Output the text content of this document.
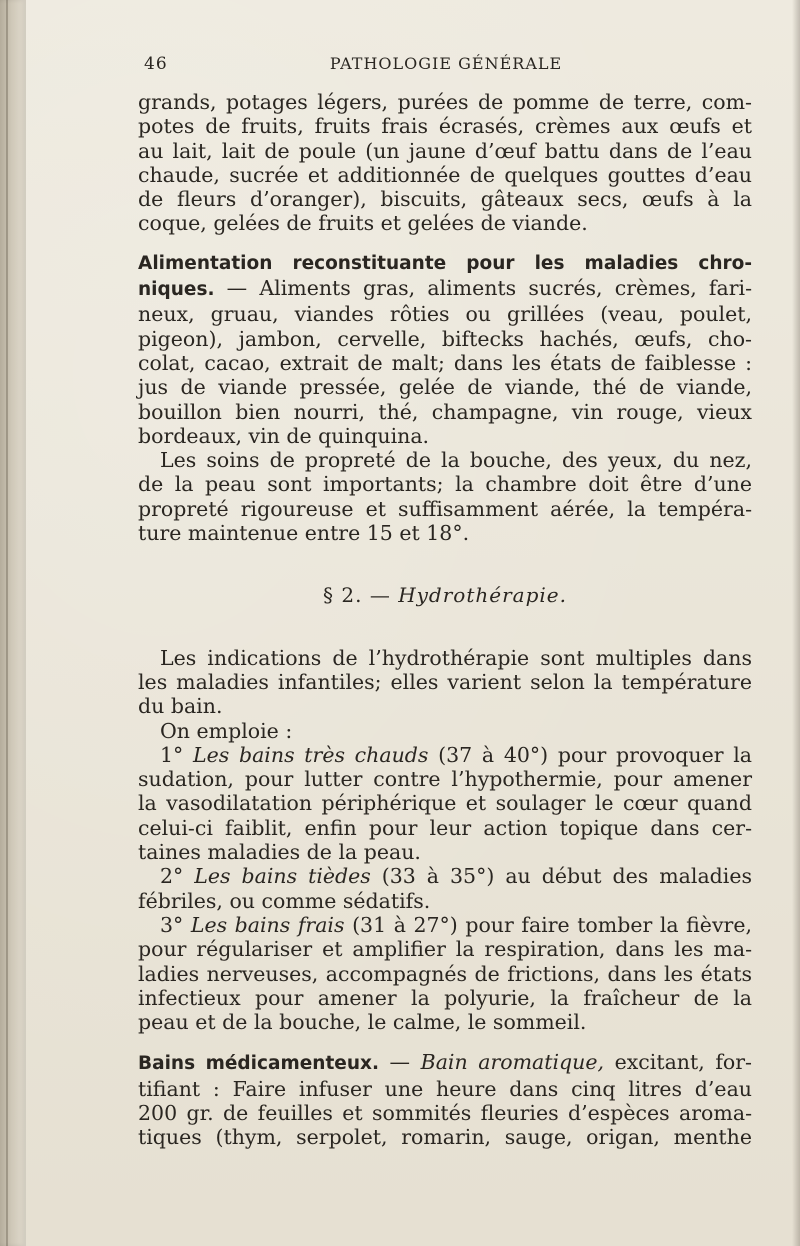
46	PATHOLOGIE GÉNÉRALE
grands, potages légers, purées de pomme de terre, com-
potes de fruits, fruits frais écrasés, crèmes aux œufs et
au lait, lait de poule (un jaune d’œuf battu dans de l’eau
chaude, sucrée et additionnée de quelques gouttes d’eau
de fleurs d’oranger), biscuits, gâteaux secs, œufs à la
coque, gelées de fruits et gelées de viande.
Alimentation reconstituante pour les maladies chro-
niques. — Aliments gras, aliments sucrés, crèmes, fari-
neux, gruau, viandes rôties ou grillées (veau, poulet,
pigeon), jambon, cervelle, biftecks hachés, œufs, cho-
colat, cacao, extrait de malt; dans les états de faiblesse :
jus de viande pressée, gelée de viande, thé de viande,
bouillon bien nourri, thé, champagne, vin rouge, vieux
bordeaux, vin de quinquina.
Les soins de propreté de la bouche, des yeux, du nez,
de la peau sont importants; la chambre doit être d’une
propreté rigoureuse et suffisamment aérée, la tempéra-
ture maintenue entre 15 et 18°.
§ 2. — Hydrothérapie.
Les indications de l’hydrothérapie sont multiples dans
les maladies infantiles; elles varient selon la température
du bain.
On emploie :
1° Les bains très chauds (37 à 40°) pour provoquer la
sudation, pour lutter contre l’hypothermie, pour amener
la vasodilatation périphérique et soulager le cœur quand
celui-ci faiblit, enfin pour leur action topique dans cer-
taines maladies de la peau.
2° Les bains tièdes (33 à 35°) au début des maladies
fébriles, ou comme sédatifs.
3° Les bains frais (31 à 27°) pour faire tomber la fièvre,
pour régulariser et amplifier la respiration, dans les ma-
ladies nerveuses, accompagnés de frictions, dans les états
infectieux pour amener la polyurie, la fraîcheur de la
peau et de la bouche, le calme, le sommeil.
Bains médicamenteux. — Bain aromatique, excitant, for-
tifiant : Faire infuser une heure dans cinq litres d’eau
200 gr. de feuilles et sommités fleuries d’espèces aroma-
tiques (thym, serpolet, romarin, sauge, origan, menthe
